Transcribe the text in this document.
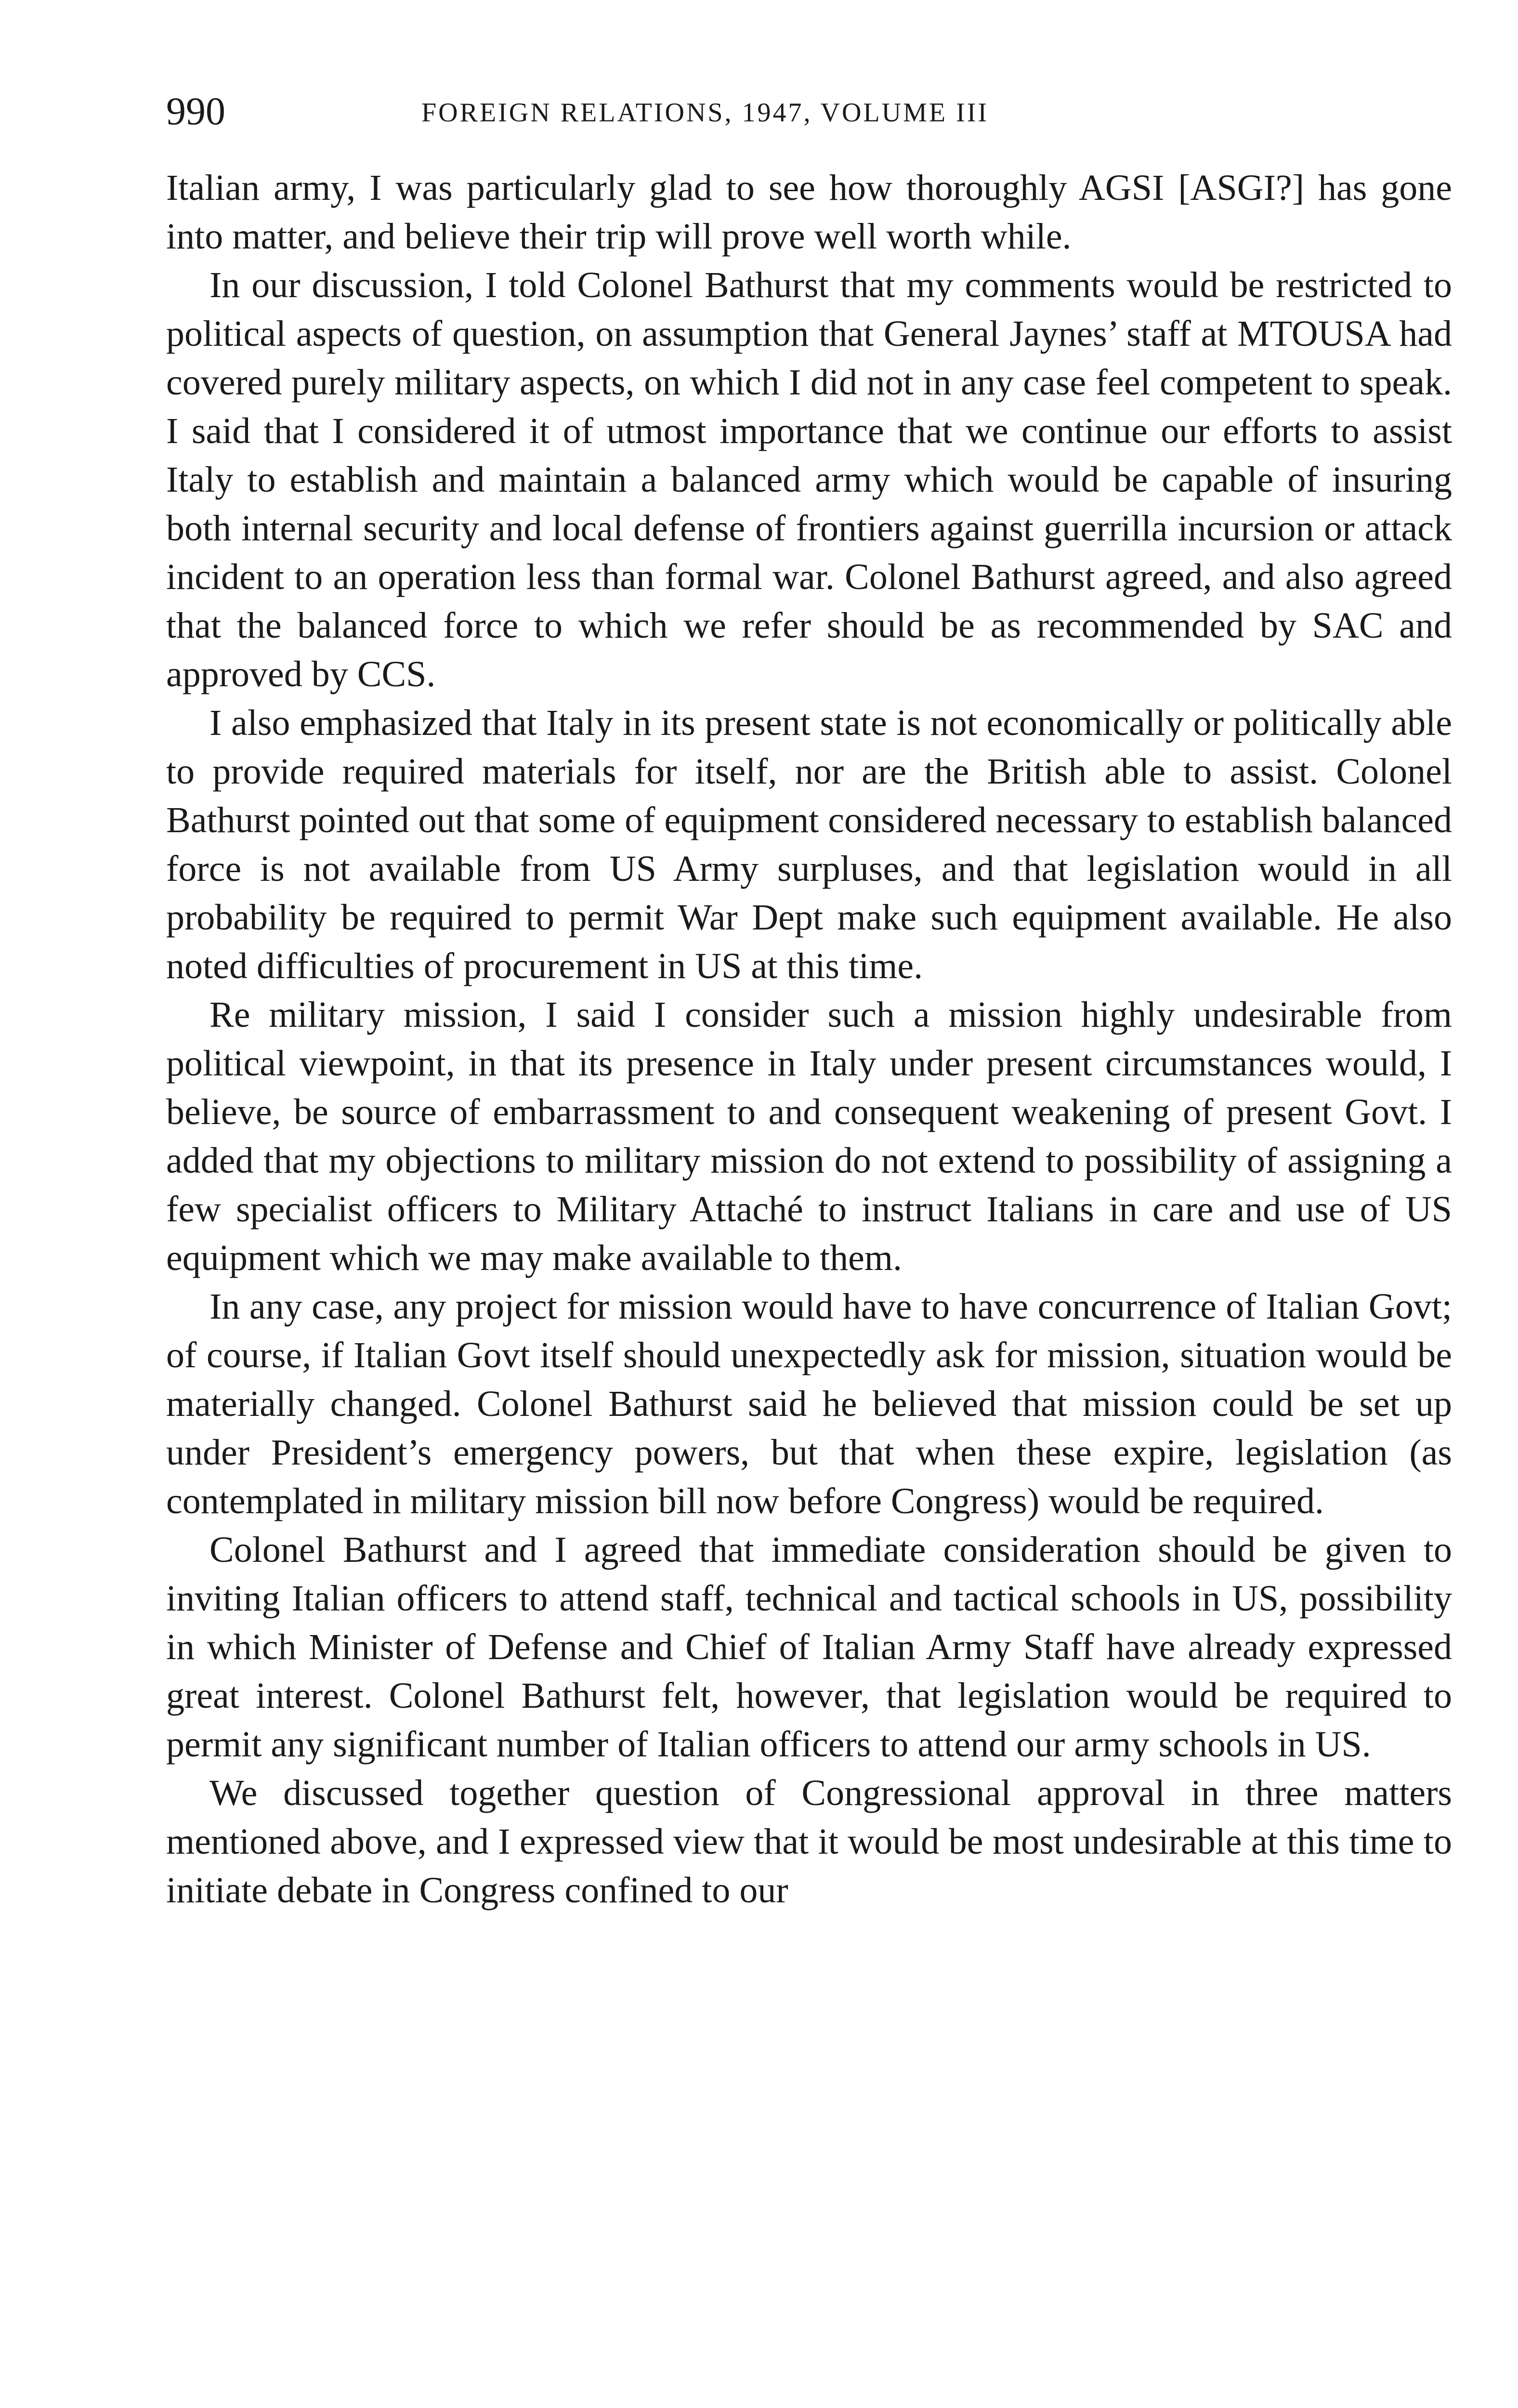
990	FOREIGN RELATIONS, 1947, VOLUME III

Italian army, I was particularly glad to see how thoroughly AGSI [ASGI?] has gone into matter, and believe their trip will prove well worth while.

In our discussion, I told Colonel Bathurst that my comments would be restricted to political aspects of question, on assumption that General Jaynes’ staff at MTOUSA had covered purely military aspects, on which I did not in any case feel competent to speak. I said that I considered it of utmost importance that we continue our efforts to assist Italy to establish and maintain a balanced army which would be capable of insuring both internal security and local defense of frontiers against guerrilla incursion or attack incident to an operation less than formal war. Colonel Bathurst agreed, and also agreed that the balanced force to which we refer should be as recommended by SAC and approved by CCS.

I also emphasized that Italy in its present state is not economically or politically able to provide required materials for itself, nor are the British able to assist. Colonel Bathurst pointed out that some of equipment considered necessary to establish balanced force is not available from US Army surpluses, and that legislation would in all probability be required to permit War Dept make such equipment available. He also noted difficulties of procurement in US at this time.

Re military mission, I said I consider such a mission highly undesirable from political viewpoint, in that its presence in Italy under present circumstances would, I believe, be source of embarrassment to and consequent weakening of present Govt. I added that my objections to military mission do not extend to possibility of assigning a few specialist officers to Military Attaché to instruct Italians in care and use of US equipment which we may make available to them.

In any case, any project for mission would have to have concurrence of Italian Govt; of course, if Italian Govt itself should unexpectedly ask for mission, situation would be materially changed. Colonel Bathurst said he believed that mission could be set up under President’s emergency powers, but that when these expire, legislation (as contemplated in military mission bill now before Congress) would be required.

Colonel Bathurst and I agreed that immediate consideration should be given to inviting Italian officers to attend staff, technical and tactical schools in US, possibility in which Minister of Defense and Chief of Italian Army Staff have already expressed great interest. Colonel Bathurst felt, however, that legislation would be required to permit any significant number of Italian officers to attend our army schools in US.

We discussed together question of Congressional approval in three matters mentioned above, and I expressed view that it would be most undesirable at this time to initiate debate in Congress confined to our
